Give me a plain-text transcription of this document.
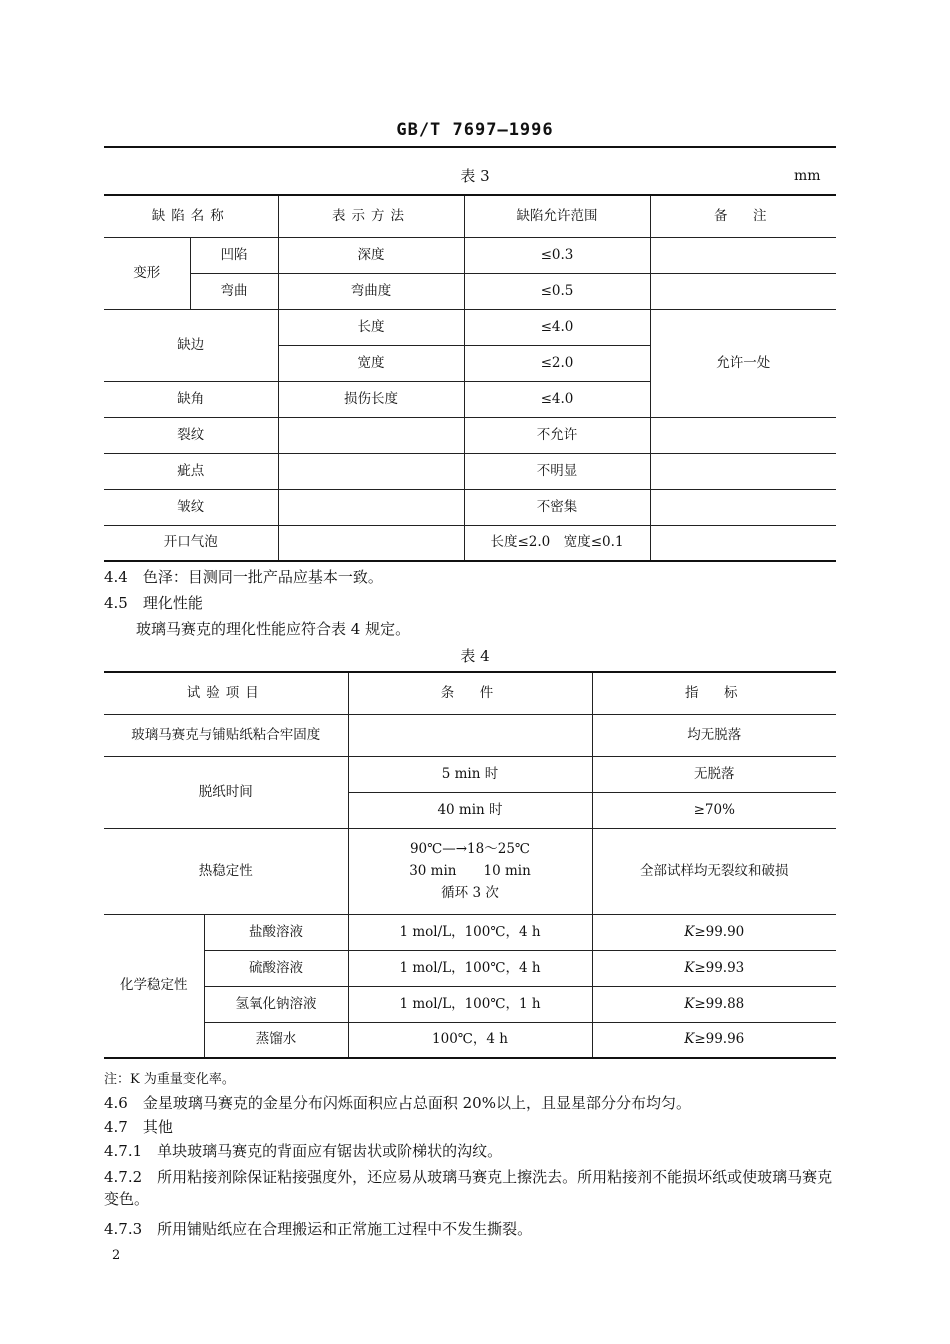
GB/T 7697—1996
表 3	mm
缺陷名称		表示方法	缺陷允许范围	备　注
变形	凹陷	深度	≤0.3	
	弯曲	弯曲度	≤0.5	
缺边		长度	≤4.0	允许一处
		宽度	≤2.0	
缺角		损伤长度	≤4.0	
裂纹			不允许	
疵点			不明显	
皱纹			不密集	
开口气泡			长度≤2.0　宽度≤0.1	
4.4　色泽：目测同一批产品应基本一致。
4.5　理化性能
玻璃马赛克的理化性能应符合表 4 规定。
表 4
试验项目		条　件	指　标
玻璃马赛克与铺贴纸粘合牢固度			均无脱落
脱纸时间		5 min 时	无脱落
		40 min 时	≥70%
热稳定性		90℃—→18～25℃
30 min　　10 min
循环 3 次	全部试样均无裂纹和破损
化学稳定性	盐酸溶液	1 mol/L，100℃，4 h	K≥99.90
	硫酸溶液	1 mol/L，100℃，4 h	K≥99.93
	氢氧化钠溶液	1 mol/L，100℃，1 h	K≥99.88
	蒸馏水	100℃，4 h	K≥99.96
注：K 为重量变化率。
4.6　金星玻璃马赛克的金星分布闪烁面积应占总面积 20%以上，且显星部分分布均匀。
4.7　其他
4.7.1　单块玻璃马赛克的背面应有锯齿状或阶梯状的沟纹。
4.7.2　所用粘接剂除保证粘接强度外，还应易从玻璃马赛克上擦洗去。所用粘接剂不能损坏纸或使玻璃马赛克变色。
4.7.3　所用铺贴纸应在合理搬运和正常施工过程中不发生撕裂。
2
